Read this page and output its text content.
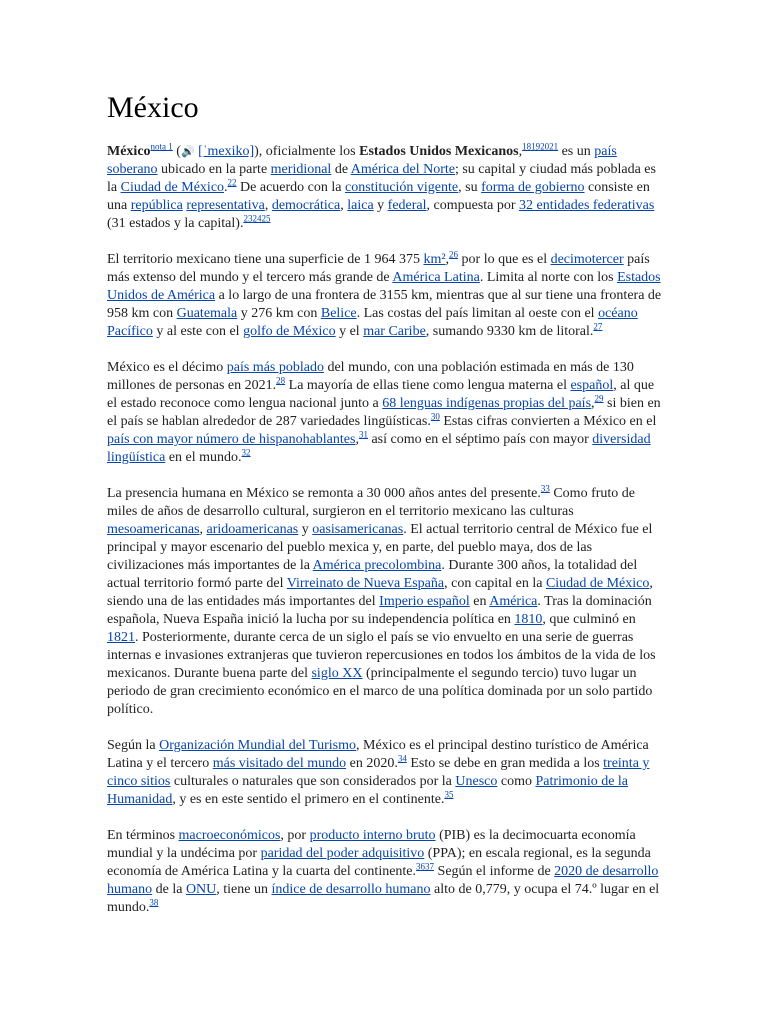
México

México$^{nota 1}$ (🔊 [ˈmexiko]), oficialmente los Estados Unidos Mexicanos,$^{18192021}$ es un país soberano ubicado en la parte meridional de América del Norte; su capital y ciudad más poblada es la Ciudad de México.$^{22}$ De acuerdo con la constitución vigente, su forma de gobierno consiste en una república representativa, democrática, laica y federal, compuesta por 32 entidades federativas (31 estados y la capital).$^{232425}$

El territorio mexicano tiene una superficie de 1 964 375 km²,$^{26}$ por lo que es el decimotercer país más extenso del mundo y el tercero más grande de América Latina. Limita al norte con los Estados Unidos de América a lo largo de una frontera de 3155 km, mientras que al sur tiene una frontera de 958 km con Guatemala y 276 km con Belice. Las costas del país limitan al oeste con el océano Pacífico y al este con el golfo de México y el mar Caribe, sumando 9330 km de litoral.$^{27}$

México es el décimo país más poblado del mundo, con una población estimada en más de 130 millones de personas en 2021.28 La mayoría de ellas tiene como lengua materna el español, al que el estado reconoce como lengua nacional junto a 68 lenguas indígenas propias del país,$^{29}$ si bien en el país se hablan alrededor de 287 variedades lingüísticas.$^{30}$ Estas cifras convierten a México en el país con mayor número de hispanohablantes,$^{31}$ así como en el séptimo país con mayor diversidad lingüística en el mundo.$^{32}$

La presencia humana en México se remonta a 30 000 años antes del presente.$^{33}$ Como fruto de miles de años de desarrollo cultural, surgieron en el territorio mexicano las culturas mesoamericanas, aridoamericanas y oasisamericanas. El actual territorio central de México fue el principal y mayor escenario del pueblo mexica y, en parte, del pueblo maya, dos de las civilizaciones más importantes de la América precolombina. Durante 300 años, la totalidad del actual territorio formó parte del Virreinato de Nueva España, con capital en la Ciudad de México, siendo una de las entidades más importantes del Imperio español en América. Tras la dominación española, Nueva España inició la lucha por su independencia política en 1810, que culminó en 1821. Posteriormente, durante cerca de un siglo el país se vio envuelto en una serie de guerras internas e invasiones extranjeras que tuvieron repercusiones en todos los ámbitos de la vida de los mexicanos. Durante buena parte del siglo XX (principalmente el segundo tercio) tuvo lugar un periodo de gran crecimiento económico en el marco de una política dominada por un solo partido político.

Según la Organización Mundial del Turismo, México es el principal destino turístico de América Latina y el tercero más visitado del mundo en 2020.34 Esto se debe en gran medida a los treinta y cinco sitios culturales o naturales que son considerados por la Unesco como Patrimonio de la Humanidad, y es en este sentido el primero en el continente.$^{35}$

En términos macroeconómicos, por producto interno bruto (PIB) es la decimocuarta economía mundial y la undécima por paridad del poder adquisitivo (PPA); en escala regional, es la segunda economía de América Latina y la cuarta del continente.$^{3637}$ Según el informe de 2020 de desarrollo humano de la ONU, tiene un índice de desarrollo humano alto de 0,779, y ocupa el 74.º lugar en el mundo.$^{38}$
